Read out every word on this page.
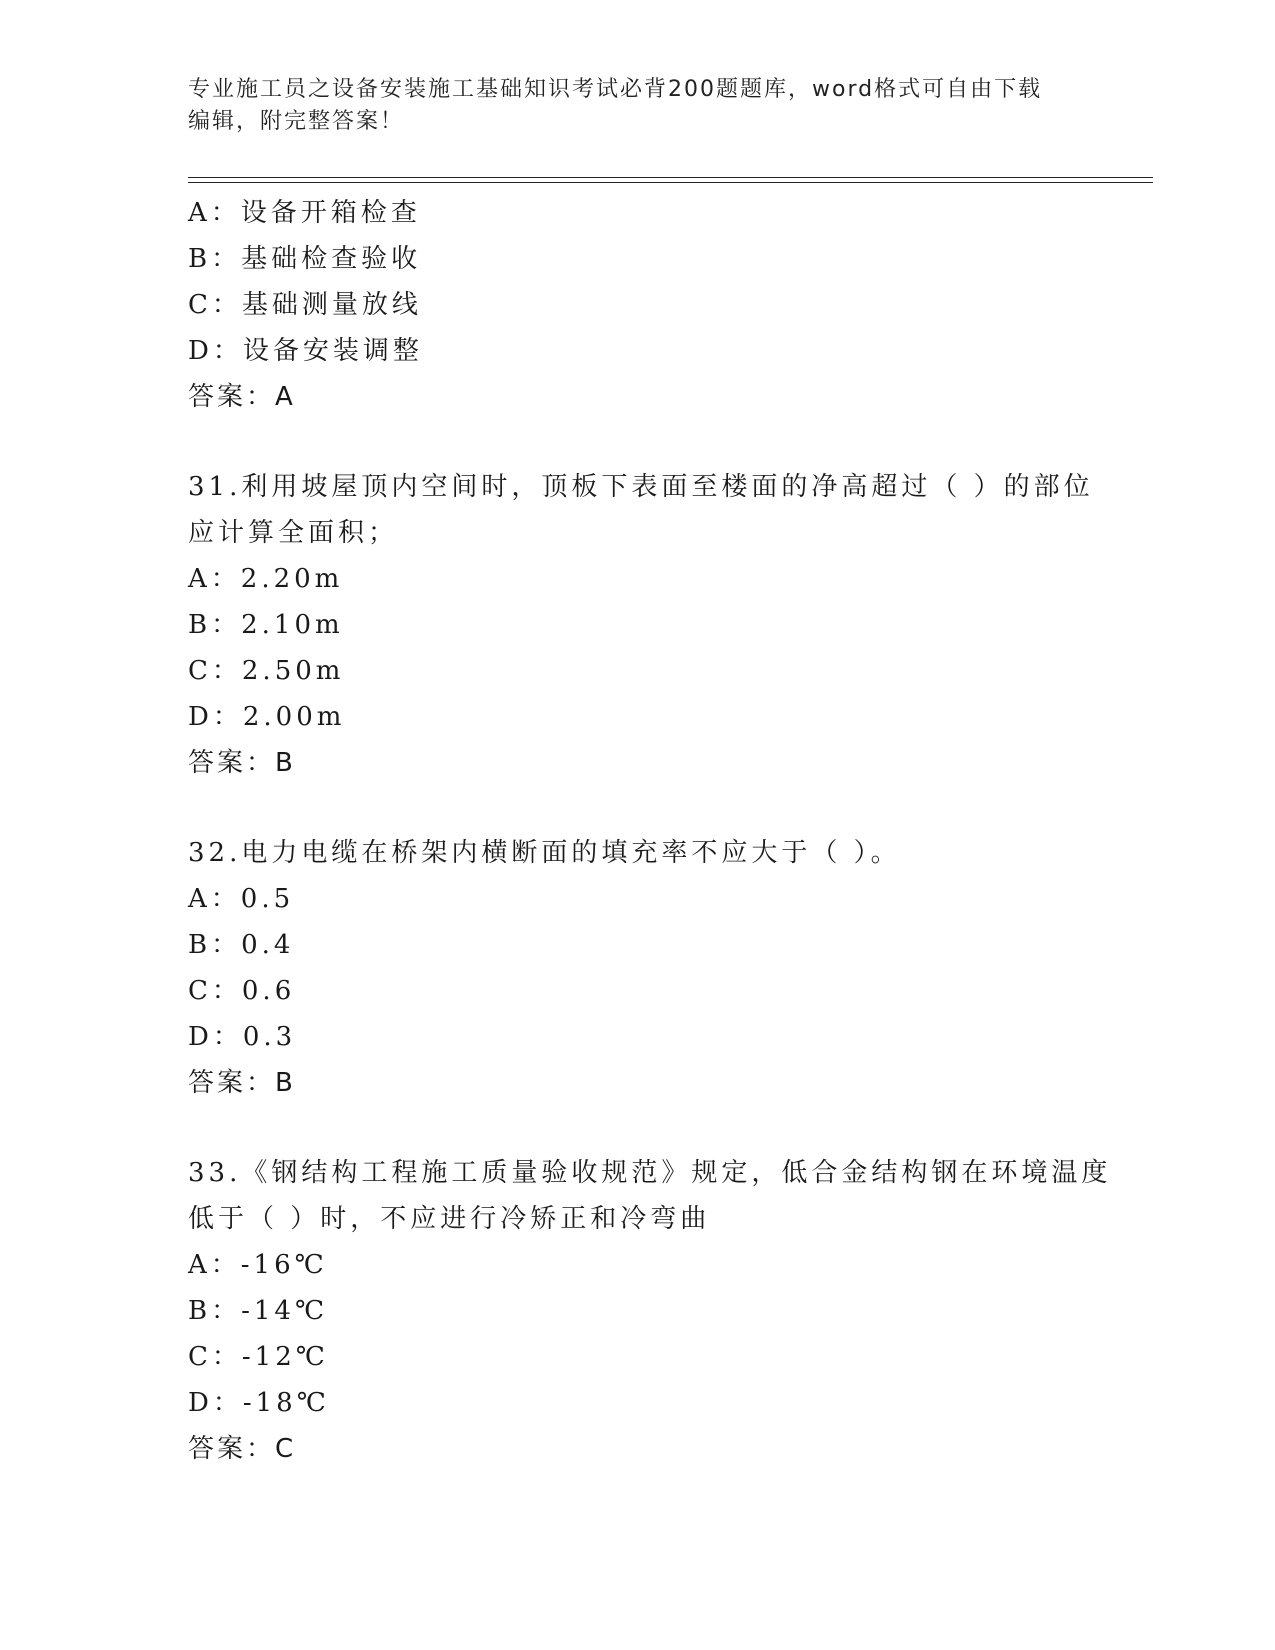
专业施工员之设备安装施工基础知识考试必背200题题库，word格式可自由下载
编辑，附完整答案！
A：设备开箱检查
B：基础检查验收
C：基础测量放线
D：设备安装调整
答案：A
31.利用坡屋顶内空间时，顶板下表面至楼面的净高超过（ ）的部位
应计算全面积；
A：2.20m
B：2.10m
C：2.50m
D：2.00m
答案：B
32.电力电缆在桥架内横断面的填充率不应大于（ ）。
A：0.5
B：0.4
C：0.6
D：0.3
答案：B
33.《钢结构工程施工质量验收规范》规定，低合金结构钢在环境温度
低于（ ）时，不应进行冷矫正和冷弯曲
A：-16℃
B：-14℃
C：-12℃
D：-18℃
答案：C
